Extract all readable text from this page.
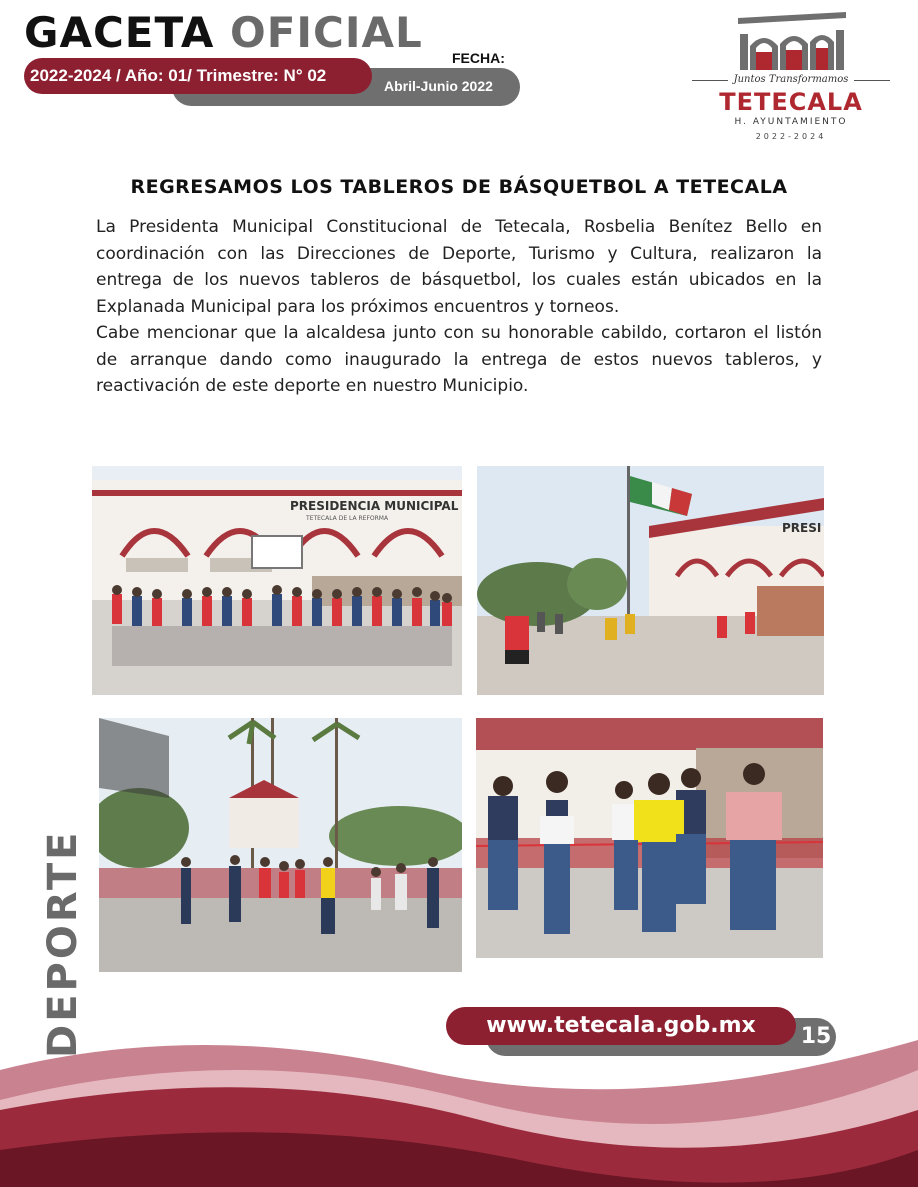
GACETA OFICIAL
2022-2024 / Año: 01/ Trimestre: N° 02
FECHA:
Abril-Junio 2022	Juntos Transformamos
TETECALA
H. AYUNTAMIENTO
2022-2024
REGRESAMOS LOS TABLEROS DE BÁSQUETBOL A TETECALA

La Presidenta Municipal Constitucional de Tetecala, Rosbelia Benítez Bello en coordinación con las Direcciones de Deporte, Turismo y Cultura, realizaron la entrega de los nuevos tableros de básquetbol, los cuales están ubicados en la Explanada Municipal para los próximos encuentros y torneos.

Cabe mencionar que la alcaldesa junto con su honorable cabildo, cortaron el listón de arranque dando como inaugurado la entrega de estos nuevos tableros, y reactivación de este deporte en nuestro Municipio.

PRESIDENCIA MUNICIPAL
TETECALA DE LA REFORMA
PRESI
DEPORTE	www.tetecala.gob.mx	15
